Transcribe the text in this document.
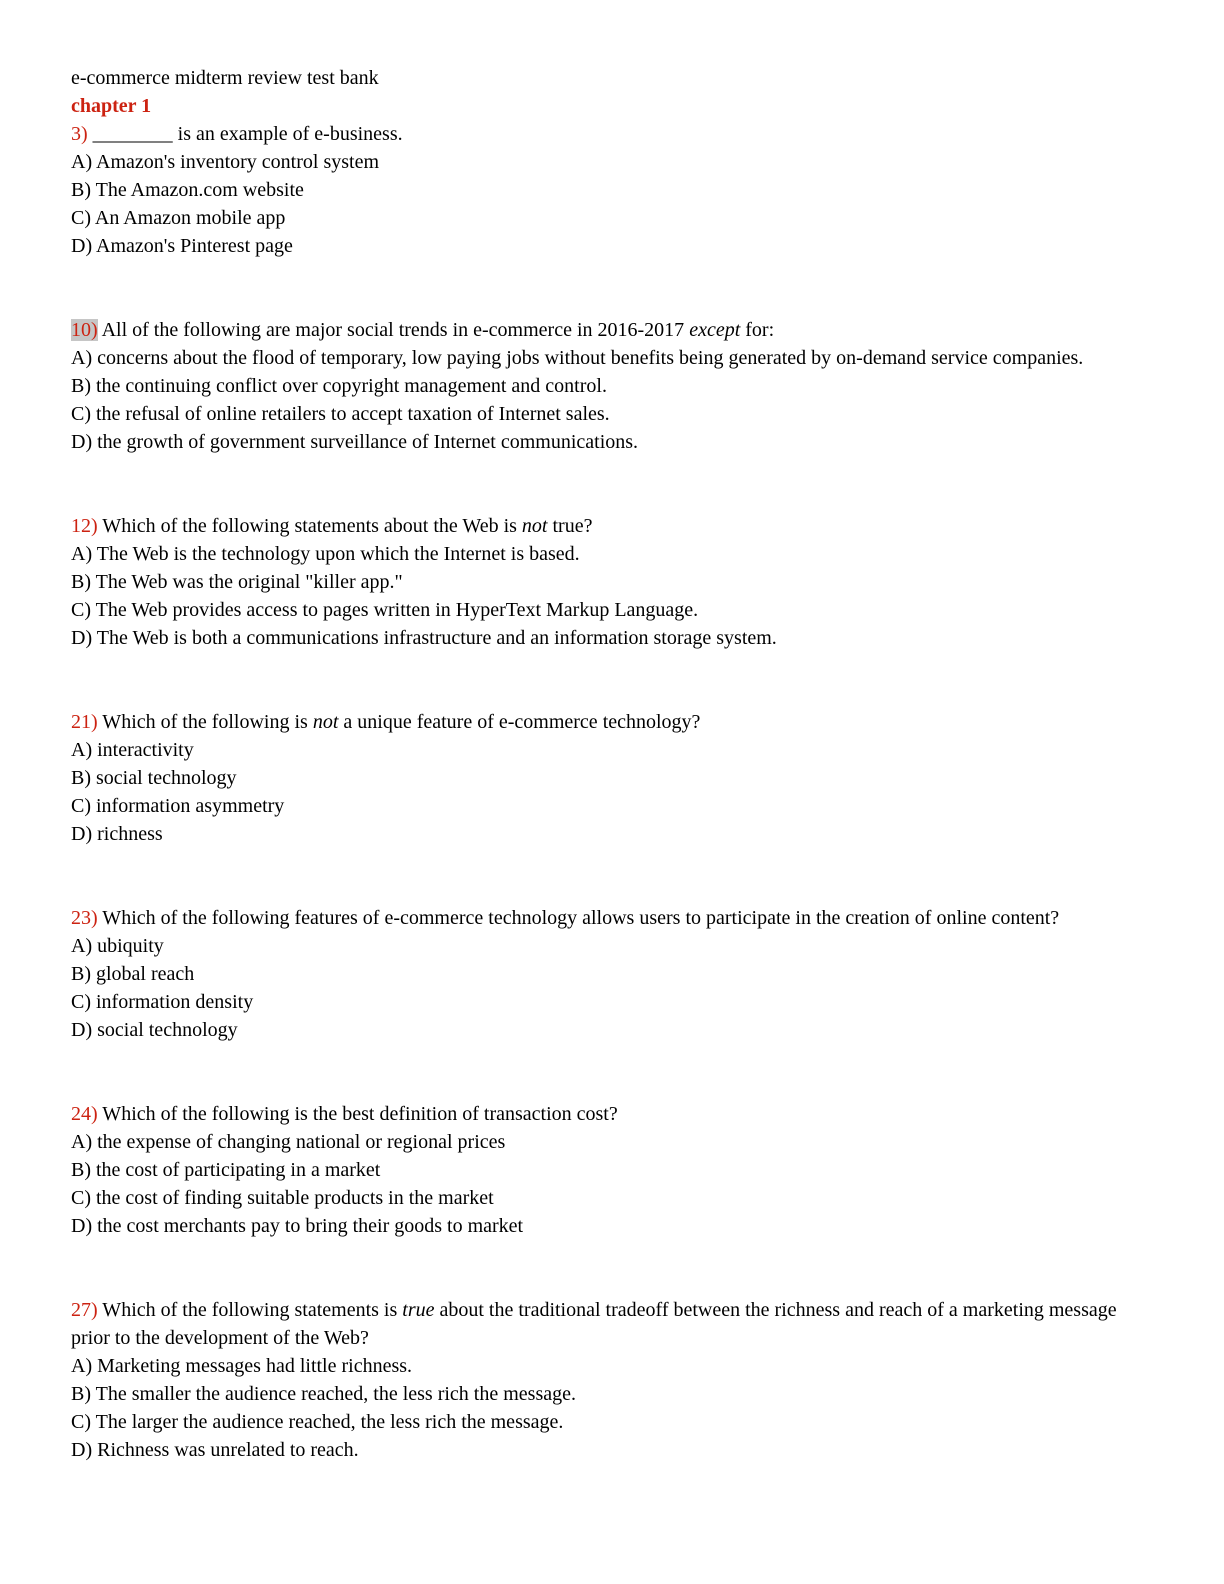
e-commerce midterm review test bank

chapter 1

3) ________ is an example of e-business.

A) Amazon's inventory control system

B) The Amazon.com website

C) An Amazon mobile app

D) Amazon's Pinterest page

10) All of the following are major social trends in e-commerce in 2016-2017 except for:

A) concerns about the flood of temporary, low paying jobs without benefits being generated by on-demand service companies.

B) the continuing conflict over copyright management and control.

C) the refusal of online retailers to accept taxation of Internet sales.

D) the growth of government surveillance of Internet communications.

12) Which of the following statements about the Web is not true?

A) The Web is the technology upon which the Internet is based.

B) The Web was the original "killer app."

C) The Web provides access to pages written in HyperText Markup Language.

D) The Web is both a communications infrastructure and an information storage system.

21) Which of the following is not a unique feature of e-commerce technology?

A) interactivity

B) social technology

C) information asymmetry

D) richness

23) Which of the following features of e-commerce technology allows users to participate in the creation of online content?

A) ubiquity

B) global reach

C) information density

D) social technology

24) Which of the following is the best definition of transaction cost?

A) the expense of changing national or regional prices

B) the cost of participating in a market

C) the cost of finding suitable products in the market

D) the cost merchants pay to bring their goods to market

27) Which of the following statements is true about the traditional tradeoff between the richness and reach of a marketing message prior to the development of the Web?

A) Marketing messages had little richness.

B) The smaller the audience reached, the less rich the message.

C) The larger the audience reached, the less rich the message.

D) Richness was unrelated to reach.
